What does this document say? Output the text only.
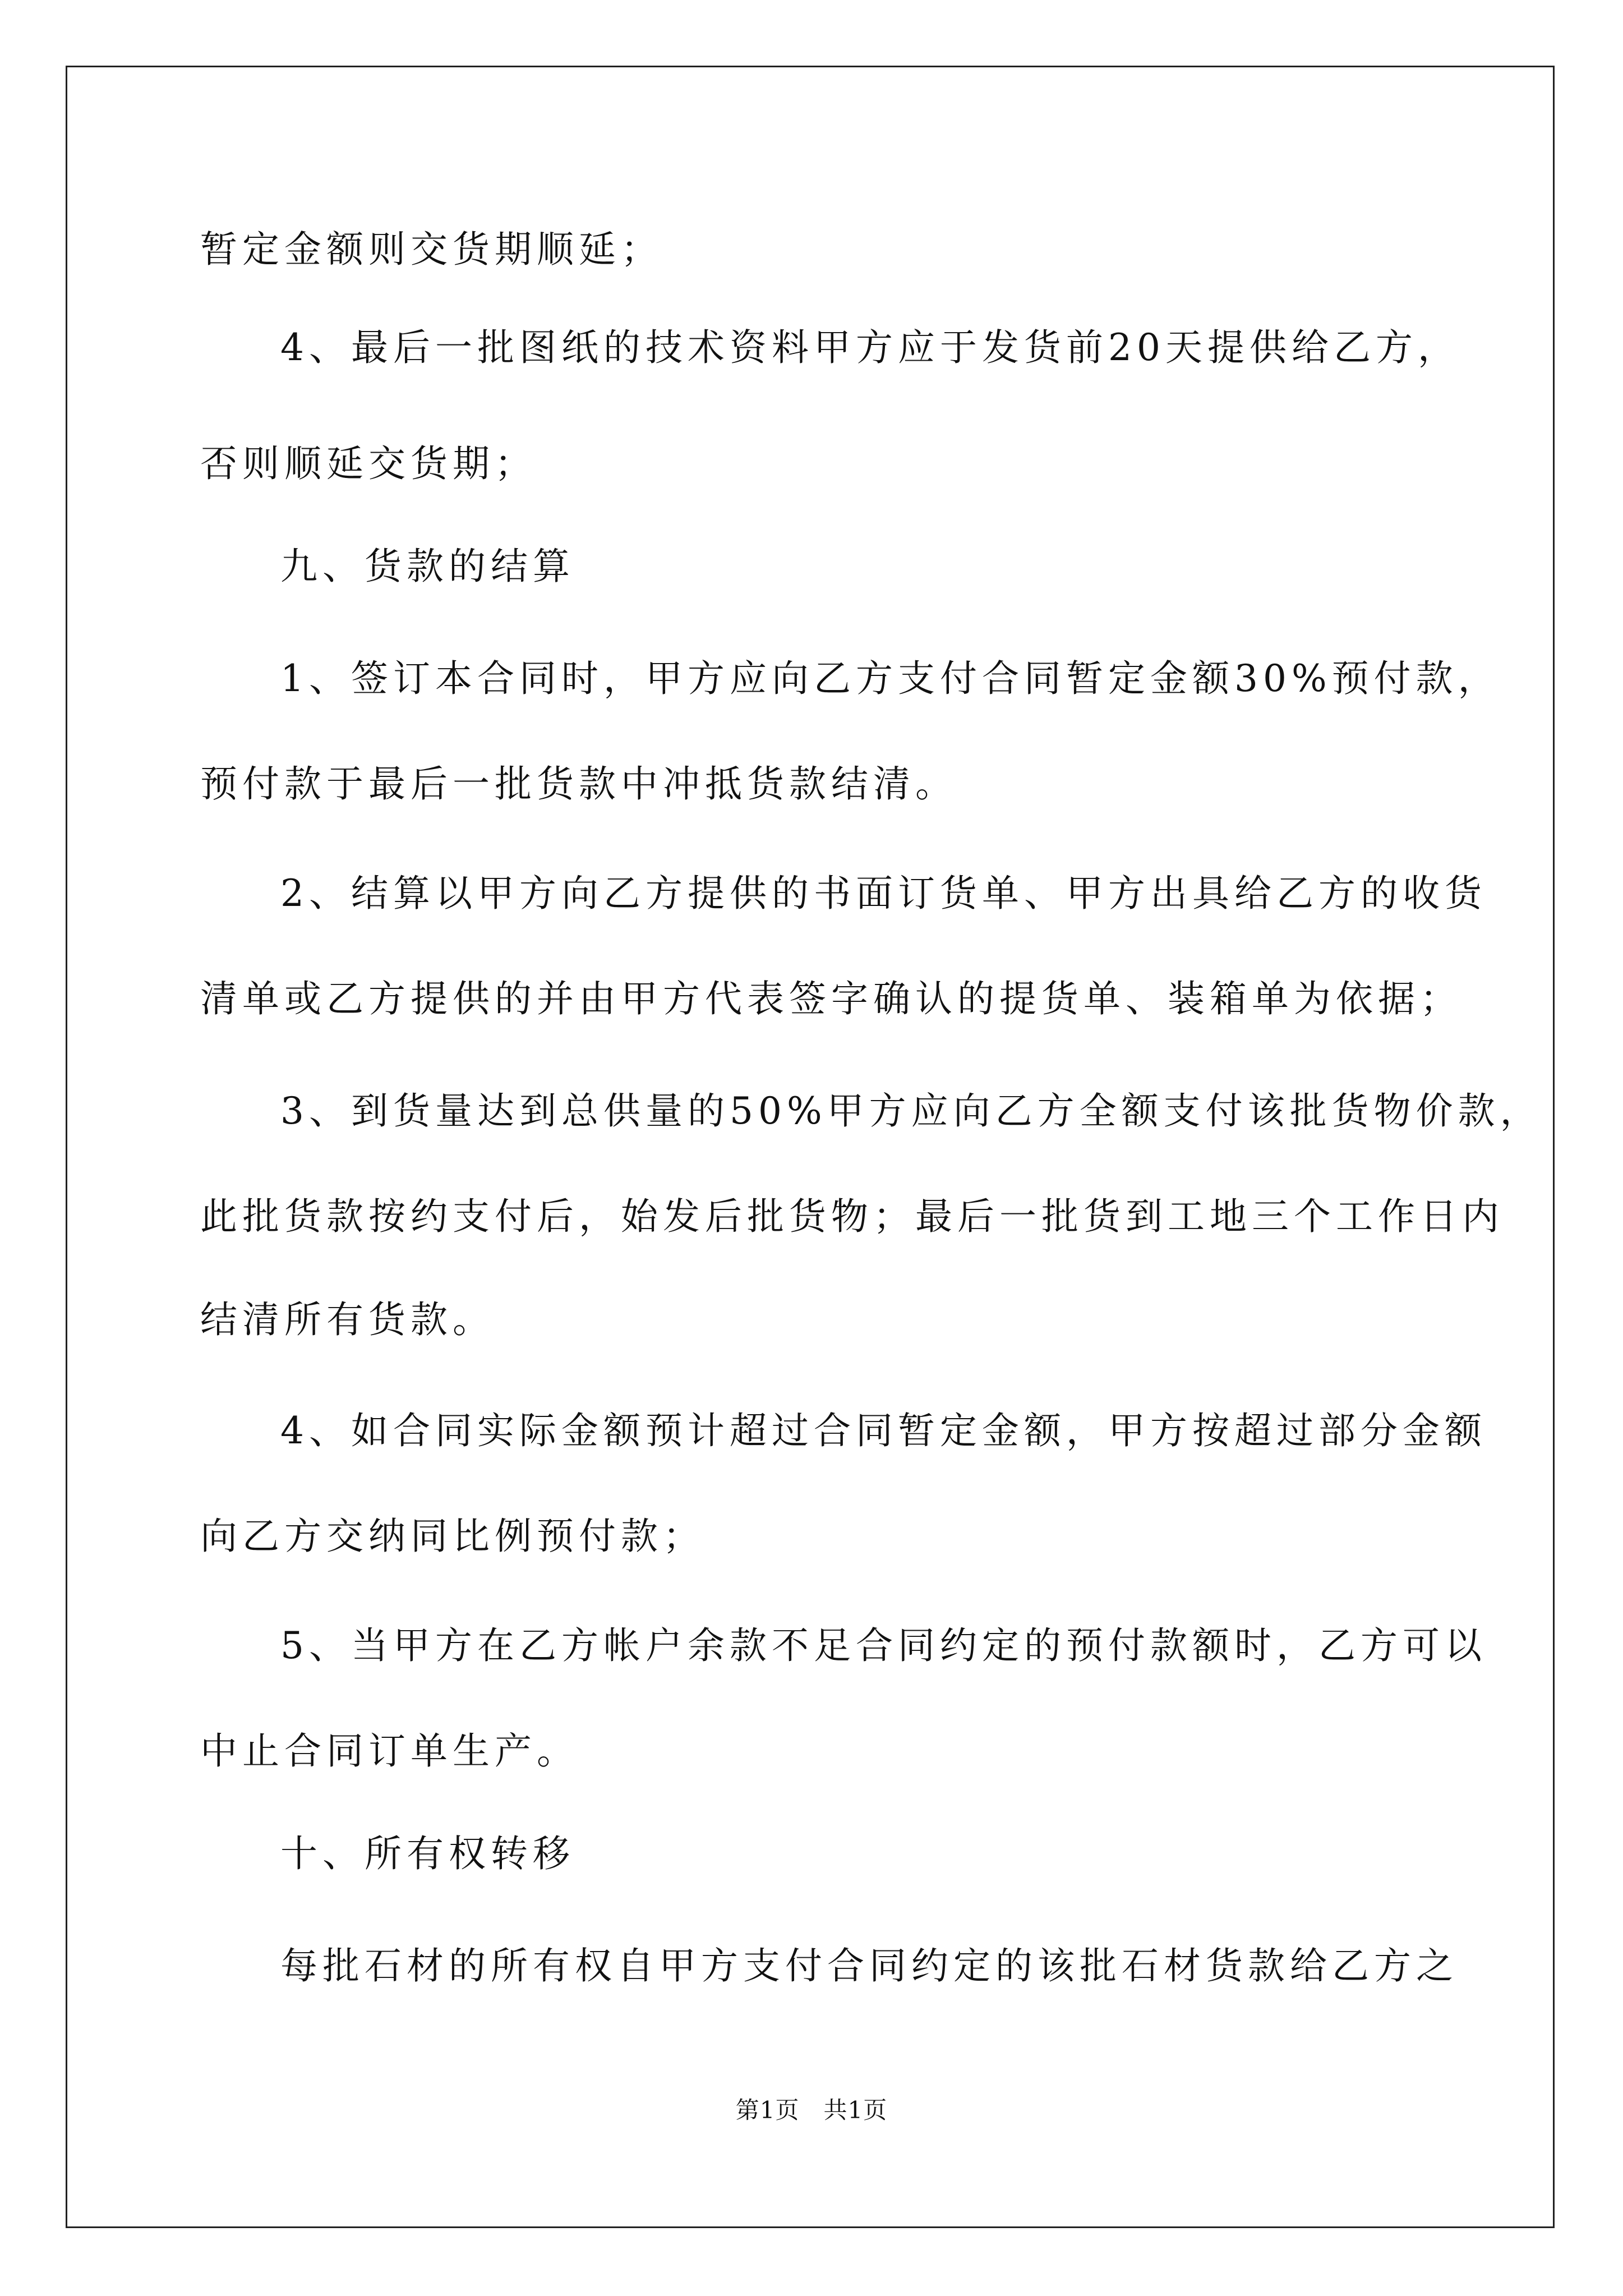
暂定金额则交货期顺延；
4、最后一批图纸的技术资料甲方应于发货前20天提供给乙方，
否则顺延交货期；
九、货款的结算
1、签订本合同时，甲方应向乙方支付合同暂定金额30%预付款，
预付款于最后一批货款中冲抵货款结清。
2、结算以甲方向乙方提供的书面订货单、甲方出具给乙方的收货
清单或乙方提供的并由甲方代表签字确认的提货单、装箱单为依据；
3、到货量达到总供量的50%甲方应向乙方全额支付该批货物价款，
此批货款按约支付后，始发后批货物；最后一批货到工地三个工作日内
结清所有货款。
4、如合同实际金额预计超过合同暂定金额，甲方按超过部分金额
向乙方交纳同比例预付款；
5、当甲方在乙方帐户余款不足合同约定的预付款额时，乙方可以
中止合同订单生产。
十、所有权转移
每批石材的所有权自甲方支付合同约定的该批石材货款给乙方之
第1页   共1页
